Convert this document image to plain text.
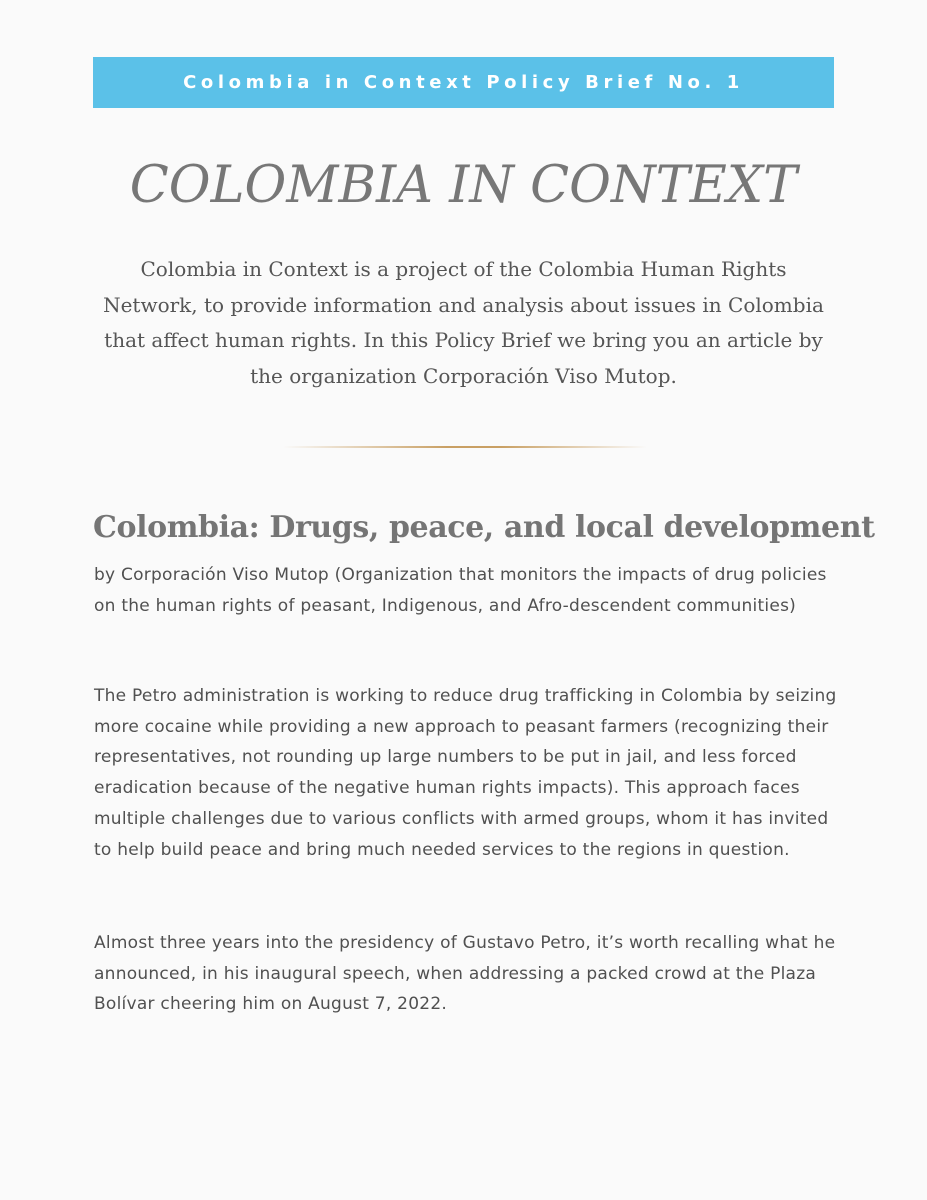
Colombia in Context Policy Brief No. 1
COLOMBIA IN CONTEXT

Colombia in Context is a project of the Colombia Human Rights Network, to provide information and analysis about issues in Colombia that affect human rights. In this Policy Brief we bring you an article by the organization Corporación Viso Mutop.

Colombia: Drugs, peace, and local development

by Corporación Viso Mutop (Organization that monitors the impacts of drug policies on the human rights of peasant, Indigenous, and Afro-descendent communities)

The Petro administration is working to reduce drug trafficking in Colombia by seizing more cocaine while providing a new approach to peasant farmers (recognizing their representatives, not rounding up large numbers to be put in jail, and less forced eradication because of the negative human rights impacts). This approach faces multiple challenges due to various conflicts with armed groups, whom it has invited to help build peace and bring much needed services to the regions in question.

Almost three years into the presidency of Gustavo Petro, it’s worth recalling what he announced, in his inaugural speech, when addressing a packed crowd at the Plaza Bolívar cheering him on August 7, 2022.
